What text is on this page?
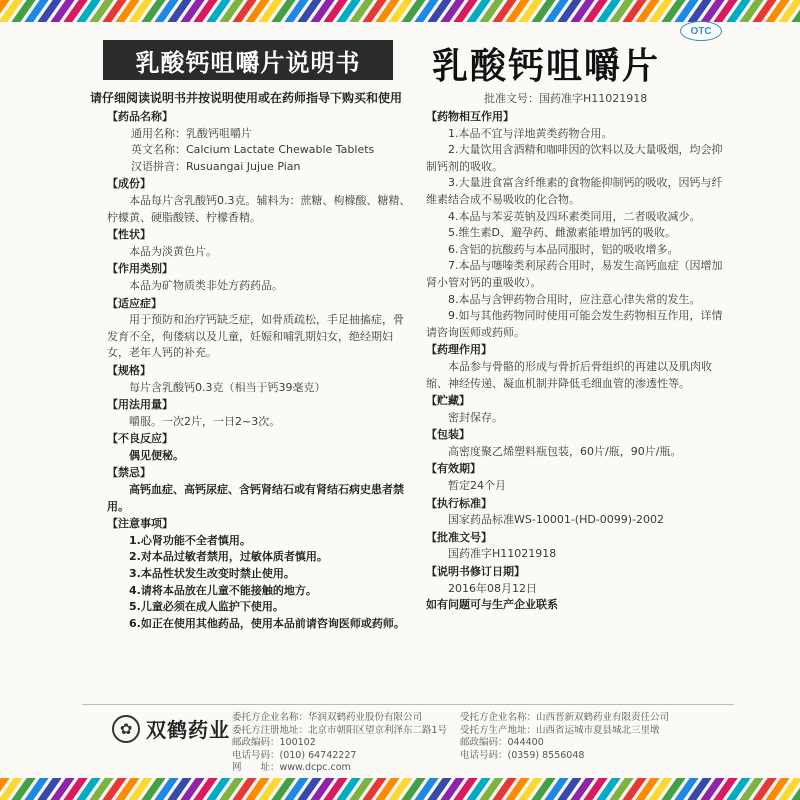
OTC
乳酸钙咀嚼片说明书	乳酸钙咀嚼片
批准文号：国药准字H11021918
请仔细阅读说明书并按说明使用或在药师指导下购买和使用
【药品名称】
通用名称：乳酸钙咀嚼片
英文名称：Calcium Lactate Chewable Tablets
汉语拼音：Rusuangai Jujue Pian
【成份】
本品每片含乳酸钙0.3克。辅料为：蔗糖、枸橼酸、糖精、柠檬黄、硬脂酸镁、柠檬香精。
【性状】
本品为淡黄色片。
【作用类别】
本品为矿物质类非处方药药品。
【适应症】
用于预防和治疗钙缺乏症，如骨质疏松，手足抽搐症，骨发育不全，佝偻病以及儿童，妊娠和哺乳期妇女，绝经期妇女，老年人钙的补充。
【规格】
每片含乳酸钙0.3克（相当于钙39毫克）
【用法用量】
嚼服。一次2片，一日2~3次。
【不良反应】
偶见便秘。
【禁忌】
高钙血症、高钙尿症、含钙肾结石或有肾结石病史患者禁用。
【注意事项】
1.心肾功能不全者慎用。
2.对本品过敏者禁用，过敏体质者慎用。
3.本品性状发生改变时禁止使用。
4.请将本品放在儿童不能接触的地方。
5.儿童必须在成人监护下使用。
6.如正在使用其他药品，使用本品前请咨询医师或药师。
【药物相互作用】
1.本品不宜与洋地黄类药物合用。
2.大量饮用含酒精和咖啡因的饮料以及大量吸烟，均会抑制钙剂的吸收。
3.大量进食富含纤维素的食物能抑制钙的吸收，因钙与纤维素结合成不易吸收的化合物。
4.本品与苯妥英钠及四环素类同用，二者吸收减少。
5.维生素D、避孕药、雌激素能增加钙的吸收。
6.含铝的抗酸药与本品同服时，铝的吸收增多。
7.本品与噻嗪类利尿药合用时，易发生高钙血症（因增加肾小管对钙的重吸收）。
8.本品与含钾药物合用时，应注意心律失常的发生。
9.如与其他药物同时使用可能会发生药物相互作用，详情请咨询医师或药师。
【药理作用】
本品参与骨骼的形成与骨折后骨组织的再建以及肌肉收缩、神经传递、凝血机制并降低毛细血管的渗透性等。
【贮藏】
密封保存。
【包装】
高密度聚乙烯塑料瓶包装，60片/瓶，90片/瓶。
【有效期】
暂定24个月
【执行标准】
国家药品标准WS-10001-(HD-0099)-2002
【批准文号】
国药准字H11021918
【说明书修订日期】
2016年08月12日
如有问题可与生产企业联系
✿ 双鹤药业
委托方企业名称：华润双鹤药业股份有限公司
委托方注册地址：北京市朝阳区望京利泽东二路1号
邮政编码：100102
电话号码：(010) 64742227
网　　址：www.dcpc.com
受托方企业名称：山西晋新双鹤药业有限责任公司
受托方生产地址：山西省运城市夏县城北三里墩
邮政编码：044400
电话号码：(0359) 8556048
